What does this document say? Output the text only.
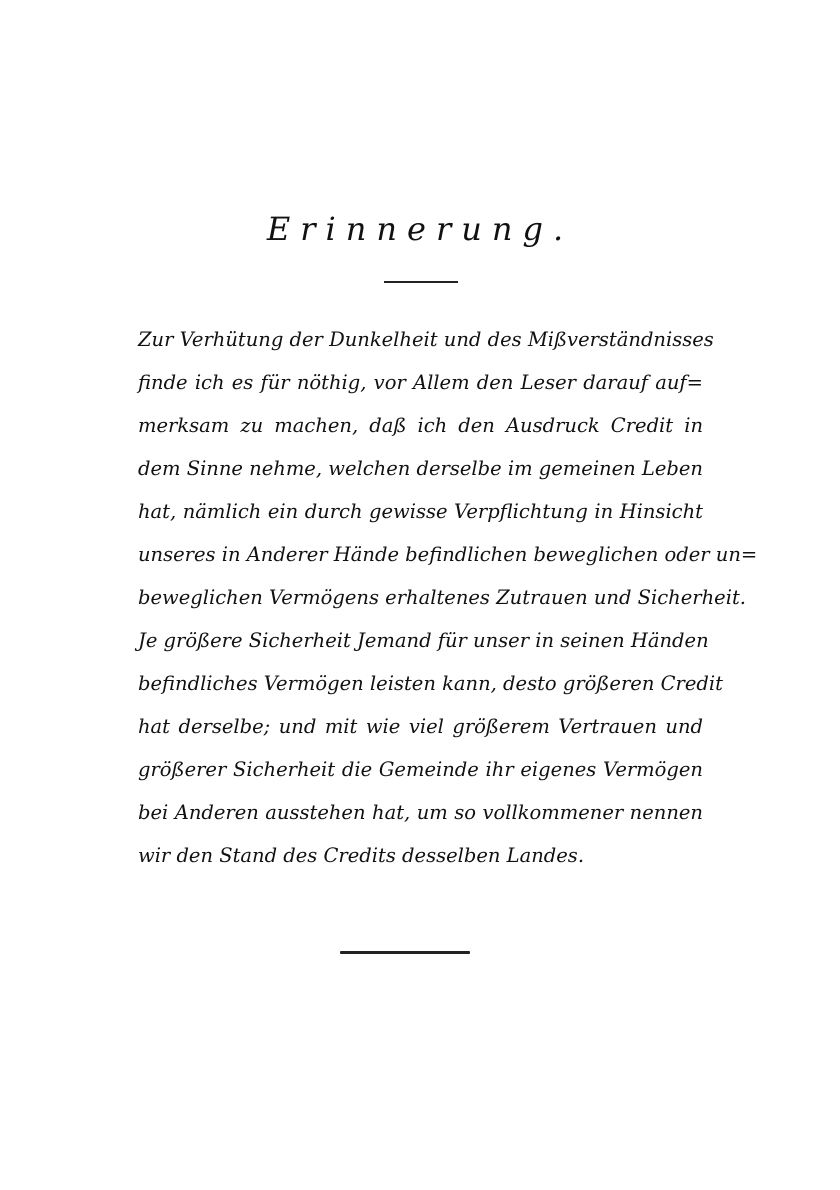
Erinnerung.
Zur Verhütung der Dunkelheit und des Mißverständnisses
finde ich es für nöthig, vor Allem den Leser darauf auf=
merksam zu machen, daß ich den Ausdruck Credit in
dem Sinne nehme, welchen derselbe im gemeinen Leben
hat, nämlich ein durch gewisse Verpflichtung in Hinsicht
unseres in Anderer Hände befindlichen beweglichen oder un=
beweglichen Vermögens erhaltenes Zutrauen und Sicherheit.
Je größere Sicherheit Jemand für unser in seinen Händen
befindliches Vermögen leisten kann, desto größeren Credit
hat derselbe; und mit wie viel größerem Vertrauen und
größerer Sicherheit die Gemeinde ihr eigenes Vermögen
bei Anderen ausstehen hat, um so vollkommener nennen
wir den Stand des Credits desselben Landes.
